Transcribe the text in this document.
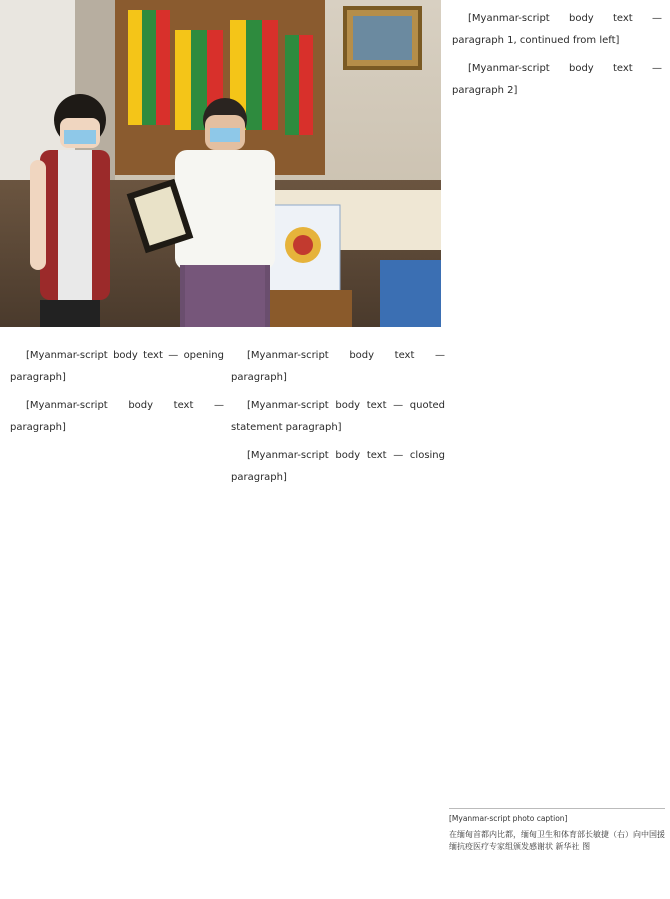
[Myanmar-script body text — paragraph 1, continued from left]

[Myanmar-script body text — paragraph 2]

[Myanmar-script body text — opening paragraph]

[Myanmar-script body text — paragraph]

[Myanmar-script body text — paragraph]

[Myanmar-script body text — quoted statement paragraph]

[Myanmar-script body text — closing paragraph]

[Myanmar-script photo caption]

在缅甸首都内比都，缅甸卫生和体育部长敏捷（右）向中国援缅抗疫医疗专家组颁发感谢状 新华社 图
